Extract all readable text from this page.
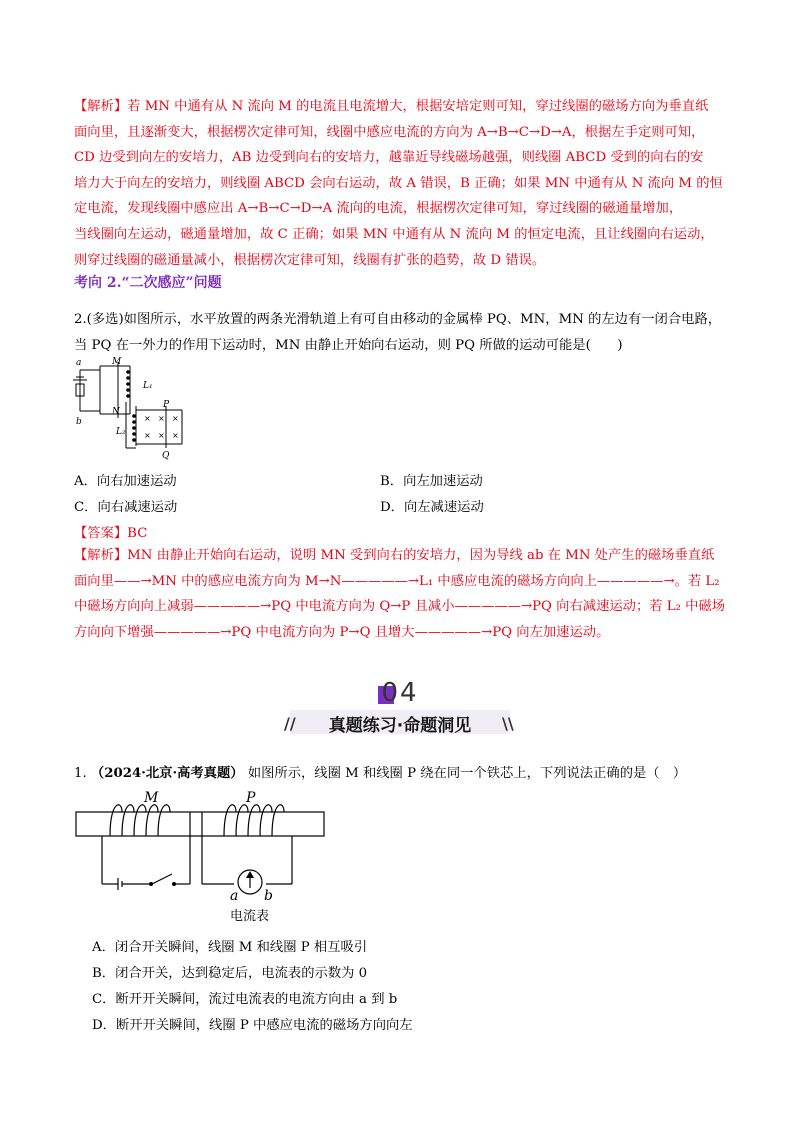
【解析】若 MN 中通有从 N 流向 M 的电流且电流增大，根据安培定则可知，穿过线圈的磁场方向为垂直纸
面向里，且逐渐变大，根据楞次定律可知，线圈中感应电流的方向为 A→B→C→D→A，根据左手定则可知，
CD 边受到向左的安培力，AB 边受到向右的安培力，越靠近导线磁场越强，则线圈 ABCD 受到的向右的安
培力大于向左的安培力，则线圈 ABCD 会向右运动，故 A 错误，B 正确；如果 MN 中通有从 N 流向 M 的恒
定电流，发现线圈中感应出 A→B→C→D→A 流向的电流，根据楞次定律可知，穿过线圈的磁通量增加，
当线圈向左运动，磁通量增加，故 C 正确；如果 MN 中通有从 N 流向 M 的恒定电流，且让线圈向右运动，
则穿过线圈的磁通量减小，根据楞次定律可知，线圈有扩张的趋势，故 D 错误。
考向 2.“二次感应”问题
2.(多选)如图所示，水平放置的两条光滑轨道上有可自由移动的金属棒 PQ、MN，MN 的左边有一闭合电路，
当 PQ 在一外力的作用下运动时，MN 由静止开始向右运动，则 PQ 所做的运动可能是(　　)
a
b
M
N
L₁
L₂
P
Q
× × ×
× × ×
A．向右加速运动	B．向左加速运动
C．向右减速运动	D．向左减速运动
【答案】BC
【解析】MN 由静止开始向右运动，说明 MN 受到向右的安培力，因为导线 ab 在 MN 处产生的磁场垂直纸
面向里——→MN 中的感应电流方向为 M→N—————→L₁ 中感应电流的磁场方向向上—————→。若 L₂
中磁场方向向上减弱—————→PQ 中电流方向为 Q→P 且减小—————→PQ 向右减速运动；若 L₂ 中磁场
方向向下增强—————→PQ 中电流方向为 P→Q 且增大—————→PQ 向左加速运动。
04
//	真题练习·命题洞见	\\
1. （2024·北京·高考真题） 如图所示，线圈 M 和线圈 P 绕在同一个铁芯上，下列说法正确的是（　）
M	P
a b
电流表
A．闭合开关瞬间，线圈 M 和线圈 P 相互吸引
B．闭合开关，达到稳定后，电流表的示数为 0
C．断开开关瞬间，流过电流表的电流方向由 a 到 b
D．断开开关瞬间，线圈 P 中感应电流的磁场方向向左
